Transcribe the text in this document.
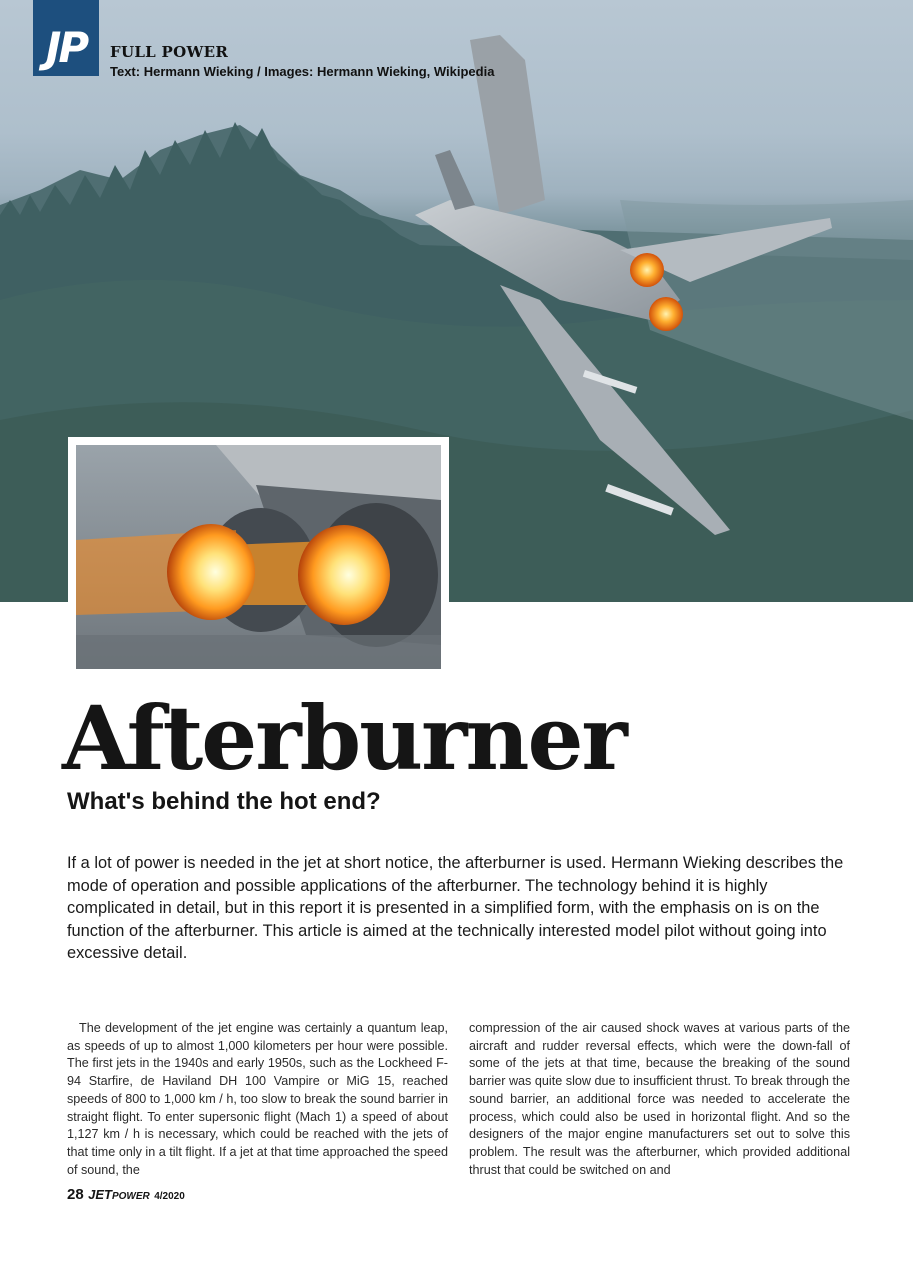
JP	FULL POWER
Text: Hermann Wieking / Images: Hermann Wieking, Wikipedia
Afterburner
What's behind the hot end?

If a lot of power is needed in the jet at short notice, the afterburner is used. Hermann Wieking describes the mode of operation and possible applications of the afterburner. The technology behind it is highly complicated in detail, but in this report it is presented in a simplified form, with the emphasis on is on the function of the afterburner. This article is aimed at the technically interested model pilot without going into excessive detail.

The development of the jet engine was certainly a quantum leap, as speeds of up to almost 1,000 kilometers per hour were possible. The first jets in the 1940s and early 1950s, such as the Lockheed F-94 Starfire, de Haviland DH 100 Vampire or MiG 15, reached speeds of 800 to 1,000 km / h, too slow to break the sound barrier in straight flight. To enter supersonic flight (Mach 1) a speed of about 1,127 km / h is necessary, which could be reached with the jets of that time only in a tilt flight. If a jet at that time approached the speed of sound, the

compression of the air caused shock waves at various parts of the aircraft and rudder reversal effects, which were the down-fall of some of the jets at that time, because the breaking of the sound barrier was quite slow due to insufficient thrust. To break through the sound barrier, an additional force was needed to accelerate the process, which could also be used in horizontal flight. And so the designers of the major engine manufacturers set out to solve this problem. The result was the afterburner, which provided additional thrust that could be switched on and

28 JETPOWER 4/2020
